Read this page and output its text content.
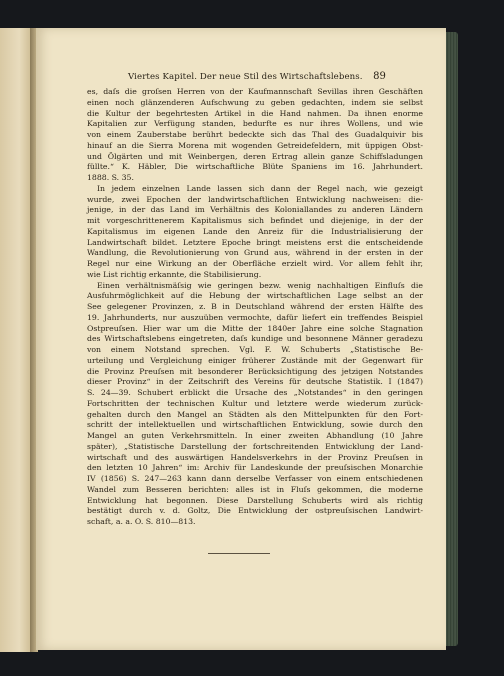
Viertes Kapitel. Der neue Stil des Wirtschaftslebens. 89
es, daſs die groſsen Herren von der Kaufmannschaft Sevillas ihren Geschäften
einen noch glänzenderen Aufschwung zu geben gedachten, indem sie selbst
die Kultur der begehrtesten Artikel in die Hand nahmen. Da ihnen enorme
Kapitalien zur Verfügung standen, bedurfte es nur ihres Wollens, und wie
von einem Zauberstabe berührt bedeckte sich das Thal des Guadalquivir bis
hinauf an die Sierra Morena mit wogenden Getreidefeldern, mit üppigen Obst-
und Ölgärten und mit Weinbergen, deren Ertrag allein ganze Schiffsladungen
füllte.“ K. Häbler, Die wirtschaftliche Blüte Spaniens im 16. Jahrhundert.
1888. S. 35.
In jedem einzelnen Lande lassen sich dann der Regel nach, wie gezeigt
wurde, zwei Epochen der landwirtschaftlichen Entwicklung nachweisen: die-
jenige, in der das Land im Verhältnis des Koloniallandes zu anderen Ländern
mit vorgeschrittenerem Kapitalismus sich befindet und diejenige, in der der
Kapitalismus im eigenen Lande den Anreiz für die Industrialisierung der
Landwirtschaft bildet. Letztere Epoche bringt meistens erst die entscheidende
Wandlung, die Revolutionierung von Grund aus, während in der ersten in der
Regel nur eine Wirkung an der Oberfläche erzielt wird. Vor allem fehlt ihr,
wie List richtig erkannte, die Stabilisierung.
Einen verhältnismäſsig wie geringen bezw. wenig nachhaltigen Einfluſs die
Ausfuhrmöglichkeit auf die Hebung der wirtschaftlichen Lage selbst an der
See gelegener Provinzen, z. B in Deutschland während der ersten Hälfte des
19. Jahrhunderts, nur auszuüben vermochte, dafür liefert ein treffendes Beispiel
Ostpreuſsen. Hier war um die Mitte der 1840er Jahre eine solche Stagnation
des Wirtschaftslebens eingetreten, daſs kundige und besonnene Männer geradezu
von einem Notstand sprechen. Vgl. F. W. Schuberts „Statistische Be-
urteilung und Vergleichung einiger früherer Zustände mit der Gegenwart für
die Provinz Preuſsen mit besonderer Berücksichtigung des jetzigen Notstandes
dieser Provinz“ in der Zeitschrift des Vereins für deutsche Statistik. I (1847)
S. 24—39. Schubert erblickt die Ursache des „Notstandes“ in den geringen
Fortschritten der technischen Kultur und letztere werde wiederum zurück-
gehalten durch den Mangel an Städten als den Mittelpunkten für den Fort-
schritt der intellektuellen und wirtschaftlichen Entwicklung, sowie durch den
Mangel an guten Verkehrsmitteln. In einer zweiten Abhandlung (10 Jahre
später), „Statistische Darstellung der fortschreitenden Entwicklung der Land-
wirtschaft und des auswärtigen Handelsverkehrs in der Provinz Preuſsen in
den letzten 10 Jahren“ im: Archiv für Landeskunde der preuſsischen Monarchie
IV (1856) S. 247—263 kann dann derselbe Verfasser von einem entschiedenen
Wandel zum Besseren berichten: alles ist in Fluſs gekommen, die moderne
Entwicklung hat begonnen. Diese Darstellung Schuberts wird als richtig
bestätigt durch v. d. Goltz, Die Entwicklung der ostpreuſsischen Landwirt-
schaft, a. a. O. S. 810—813.
